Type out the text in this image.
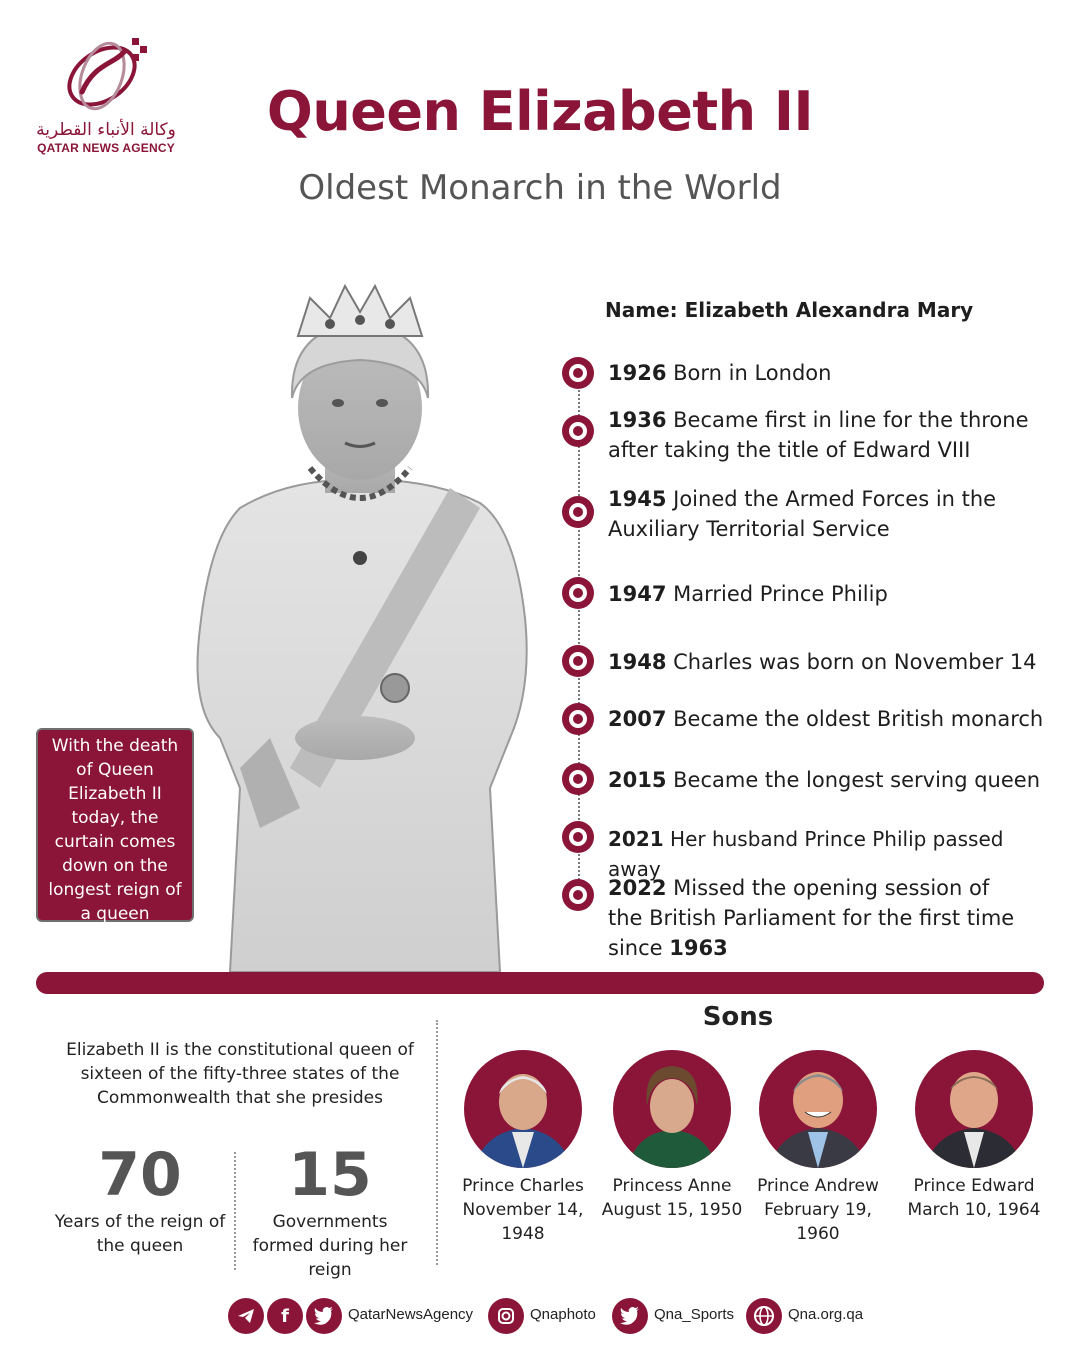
وكالة الأنباء القطرية
QATAR NEWS AGENCY
Queen Elizabeth II
Oldest Monarch in the World
With the death of Queen Elizabeth II today, the curtain comes down on the longest reign of a queen
Name: Elizabeth Alexandra Mary
1926 Born in London
1936 Became first in line for the throne after taking the title of Edward VIII
1945 Joined the Armed Forces in the Auxiliary Territorial Service
1947 Married Prince Philip
1948 Charles was born on November 14
2007 Became the oldest British monarch
2015 Became the longest serving queen
2021 Her husband Prince Philip passed away
2022 Missed the opening session of the British Parliament for the first time since 1963
Elizabeth II is the constitutional queen of sixteen of the fifty-three states of the Commonwealth that she presides
70
Years of the reign of the queen
15
Governments formed during her reign
Sons
Prince Charles
November 14, 1948
Princess Anne
August 15, 1950
Prince Andrew
February 19, 1960
Prince Edward
March 10, 1964
f	QatarNewsAgency	Qnaphoto	Qna_Sports	Qna.org.qa
